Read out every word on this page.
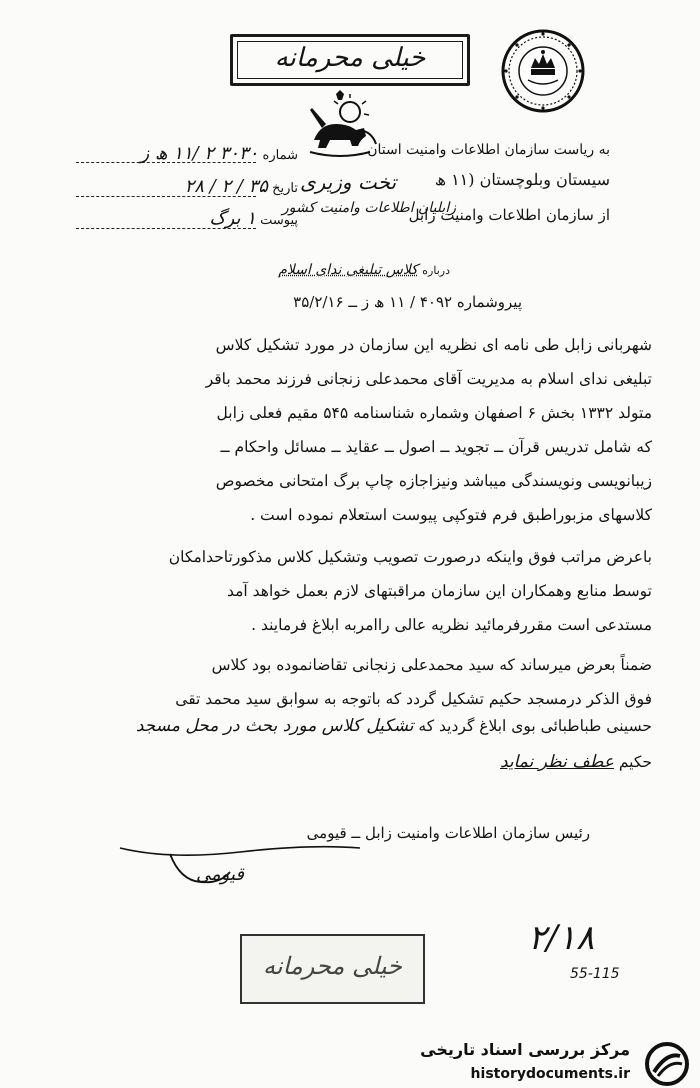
خیلی محرمانه
شماره ۳۰۳۰ ۲ /۱۱ ھ ز
تاریخ ۳۵ / ۲ / ۲۸
پیوست ۱ برگ
به ریاست سازمان اطلاعات وامنیت استان
سیستان وبلوچستان (۱۱ ھ
تخت وزیری
از سازمان اطلاعات وامنیت زابل
زابلیان اطلاعات وامنیت کشور
درباره کلاس تبلیغی ندای اسلام
پیروشماره ۴۰۹۲ / ۱۱ ھ ز ــ ۳۵/۲/۱۶
شهربانی زابل طی نامه ای نظریه این سازمان در مورد تشکیل کلاس
تبلیغی ندای اسلام به مدیریت آقای محمدعلی زنجانی فرزند محمد باقر
متولد ۱۳۳۲ بخش ۶ اصفهان وشماره شناسنامه ۵۴۵ مقیم فعلی زابل
که شامل تدریس قرآن ــ تجوید ــ اصول ــ عقاید ــ مسائل واحکام ــ
زیبانویسی ونویسندگی میباشد ونیزاجازه چاپ برگ امتحانی مخصوص
کلاسهای مزبوراطبق فرم فتوکپی پیوست استعلام نموده است .
باعرض مراتب فوق واینکه درصورت تصویب وتشکیل کلاس مذکورتاحدامکان
توسط منابع وهمکاران این سازمان مراقبتهای لازم بعمل خواهد آمد
مستدعی است مقررفرمائید نظریه عالی راامربه ابلاغ فرمایند .
ضمناً بعرض میرساند که سید محمدعلی زنجانی تقاضانموده بود کلاس
فوق الذکر درمسجد حکیم تشکیل گردد که باتوجه به سوابق سید محمد تقی
حسینی طباطبائی بوی ابلاغ گردید که تشکیل کلاس مورد بحث در محل مسجد
حکیم عطف نظر نماید
رئیس سازمان اطلاعات وامنیت زابل ــ قیومی
قیومی
خیلی محرمانه
۲/۱۸
55-115
مرکز بررسی اسناد تاریخی
historydocuments.ir
